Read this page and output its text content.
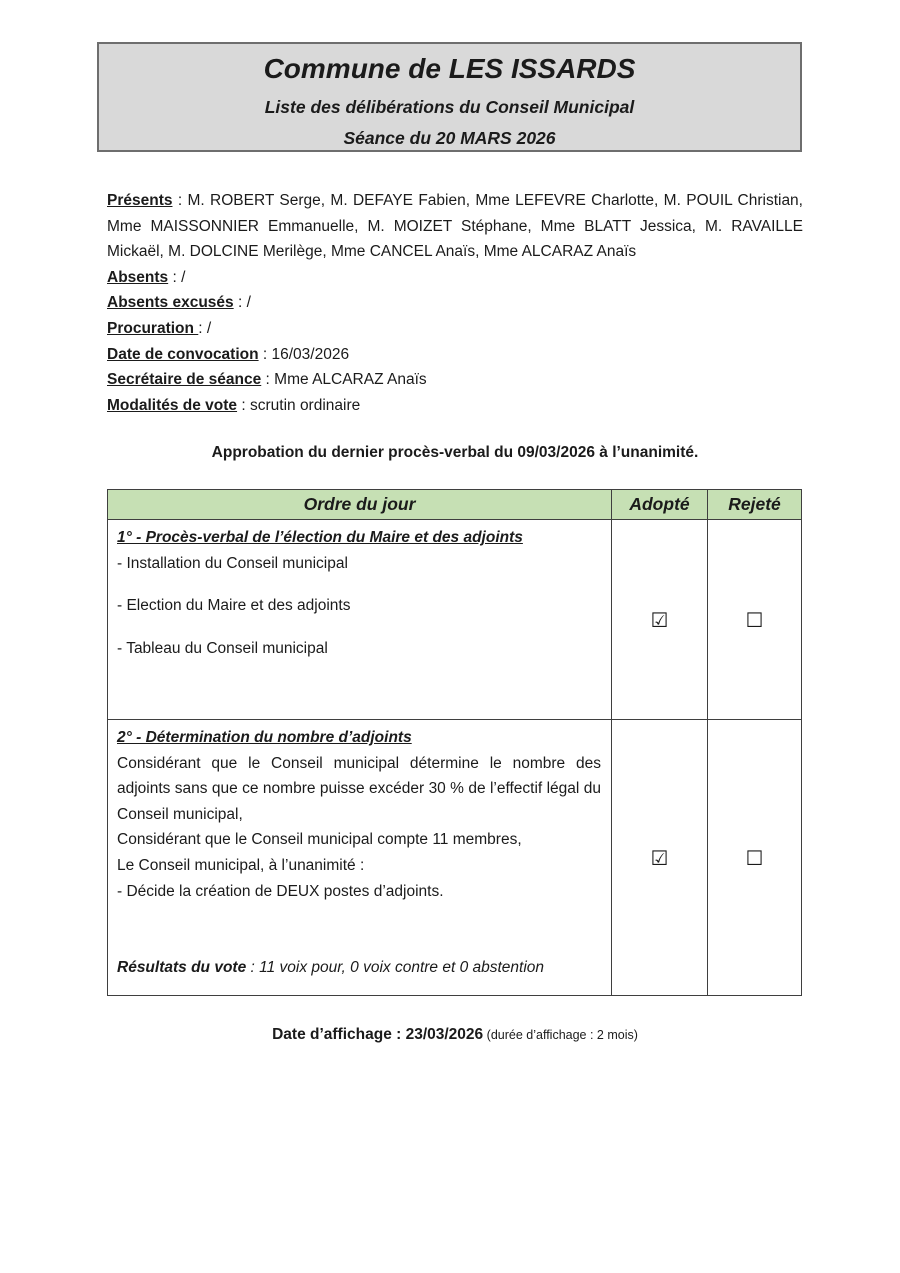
Commune de LES ISSARDS
Liste des délibérations du Conseil Municipal
Séance du 20 MARS 2026

Présents : M. ROBERT Serge, M. DEFAYE Fabien, Mme LEFEVRE Charlotte, M. POUIL Christian, Mme MAISSONNIER Emmanuelle, M. MOIZET Stéphane, Mme BLATT Jessica, M. RAVAILLE Mickaël, M. DOLCINE Merilège, Mme CANCEL Anaïs, Mme ALCARAZ Anaïs

Absents : /

Absents excusés : /

Procuration : /

Date de convocation : 16/03/2026

Secrétaire de séance : Mme ALCARAZ Anaïs

Modalités de vote : scrutin ordinaire

Approbation du dernier procès-verbal du 09/03/2026 à l’unanimité.

Ordre du jour	Adopté	Rejeté

1° - Procès-verbal de l’élection du Maire et des adjoints
- Installation du Conseil municipal
- Election du Maire et des adjoints
- Tableau du Conseil municipal	☑	☐

2° - Détermination du nombre d’adjoints
Considérant que le Conseil municipal détermine le nombre des adjoints sans que ce nombre puisse excéder 30 % de l’effectif légal du Conseil municipal,
Considérant que le Conseil municipal compte 11 membres,
Le Conseil municipal, à l’unanimité :
- Décide la création de DEUX postes d’adjoints.
Résultats du vote : 11 voix pour, 0 voix contre et 0 abstention
	☑	☐

Date d’affichage : 23/03/2026 (durée d’affichage : 2 mois)
